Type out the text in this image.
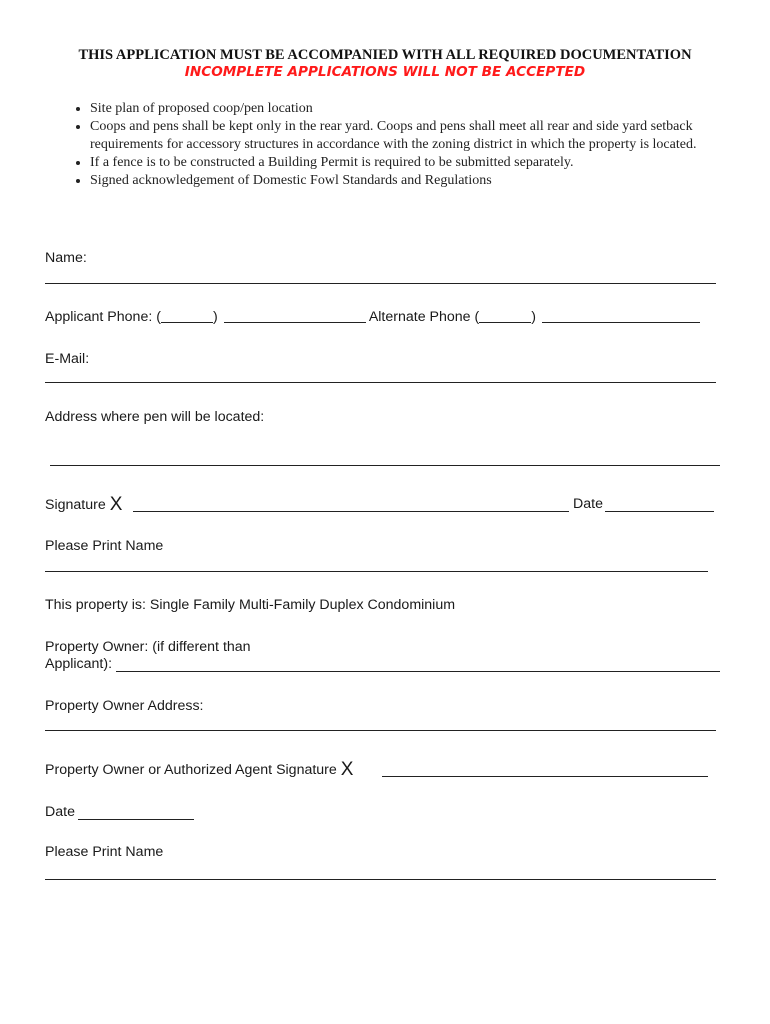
THIS APPLICATION MUST BE ACCOMPANIED WITH ALL REQUIRED DOCUMENTATION
INCOMPLETE APPLICATIONS WILL NOT BE ACCEPTED
• Site plan of proposed coop/pen location
• Coops and pens shall be kept only in the rear yard. Coops and pens shall meet all rear and side yard setback requirements for accessory structures in accordance with the zoning district in which the property is located.
• If a fence is to be constructed a Building Permit is required to be submitted separately.
• Signed acknowledgement of Domestic Fowl Standards and Regulations
Name:
Applicant Phone: (	)	Alternate Phone (	)
E-Mail:
Address where pen will be located:
Signature X	Date
Please Print Name
This property is: Single Family Multi-Family Duplex Condominium
Property Owner: (if different than
Applicant):
Property Owner Address:
Property Owner or Authorized Agent Signature X
Date
Please Print Name
